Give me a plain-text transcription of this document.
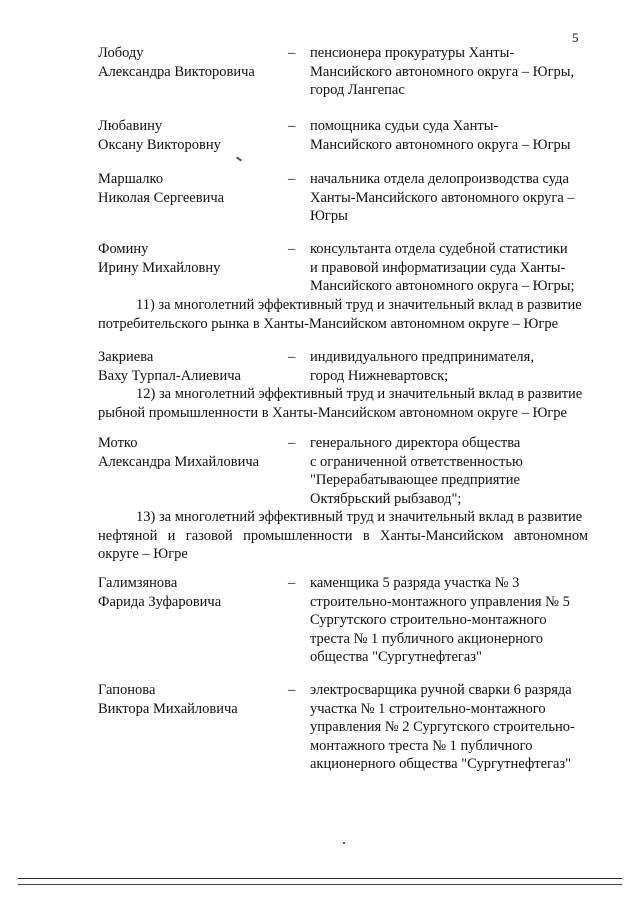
5
Лободу
Александра Викторовича
– пенсионера прокуратуры Ханты-
Мансийского автономного округа – Югры,
город Лангепас
Любавину
Оксану Викторовну
– помощника судьи суда Ханты-
Мансийского автономного округа – Югры
Маршалко
Николая Сергеевича
– начальника отдела делопроизводства суда
Ханты-Мансийского автономного округа –
Югры
Фомину
Ирину Михайловну
– консультанта отдела судебной статистики
и правовой информатизации суда Ханты-
Мансийского автономного округа – Югры;
11) за многолетний эффективный труд и значительный вклад в развитие
потребительского рынка в Ханты-Мансийском автономном округе – Югре
Закриева
Ваху Турпал-Алиевича
– индивидуального предпринимателя,
город Нижневартовск;
12) за многолетний эффективный труд и значительный вклад в развитие
рыбной промышленности в Ханты-Мансийском автономном округе – Югре
Мотко
Александра Михайловича
– генерального директора общества
с ограниченной ответственностью
"Перерабатывающее предприятие
Октябрьский рыбзавод";
13) за многолетний эффективный труд и значительный вклад в развитие
нефтяной и газовой промышленности в Ханты-Мансийском автономном
округе – Югре
Галимзянова
Фарида Зуфаровича
– каменщика 5 разряда участка № 3
строительно-монтажного управления № 5
Сургутского строительно-монтажного
треста № 1 публичного акционерного
общества "Сургутнефтегаз"
Гапонова
Виктора Михайловича
– электросварщика ручной сварки 6 разряда
участка № 1 строительно-монтажного
управления № 2 Сургутского строительно-
монтажного треста № 1 публичного
акционерного общества "Сургутнефтегаз"
